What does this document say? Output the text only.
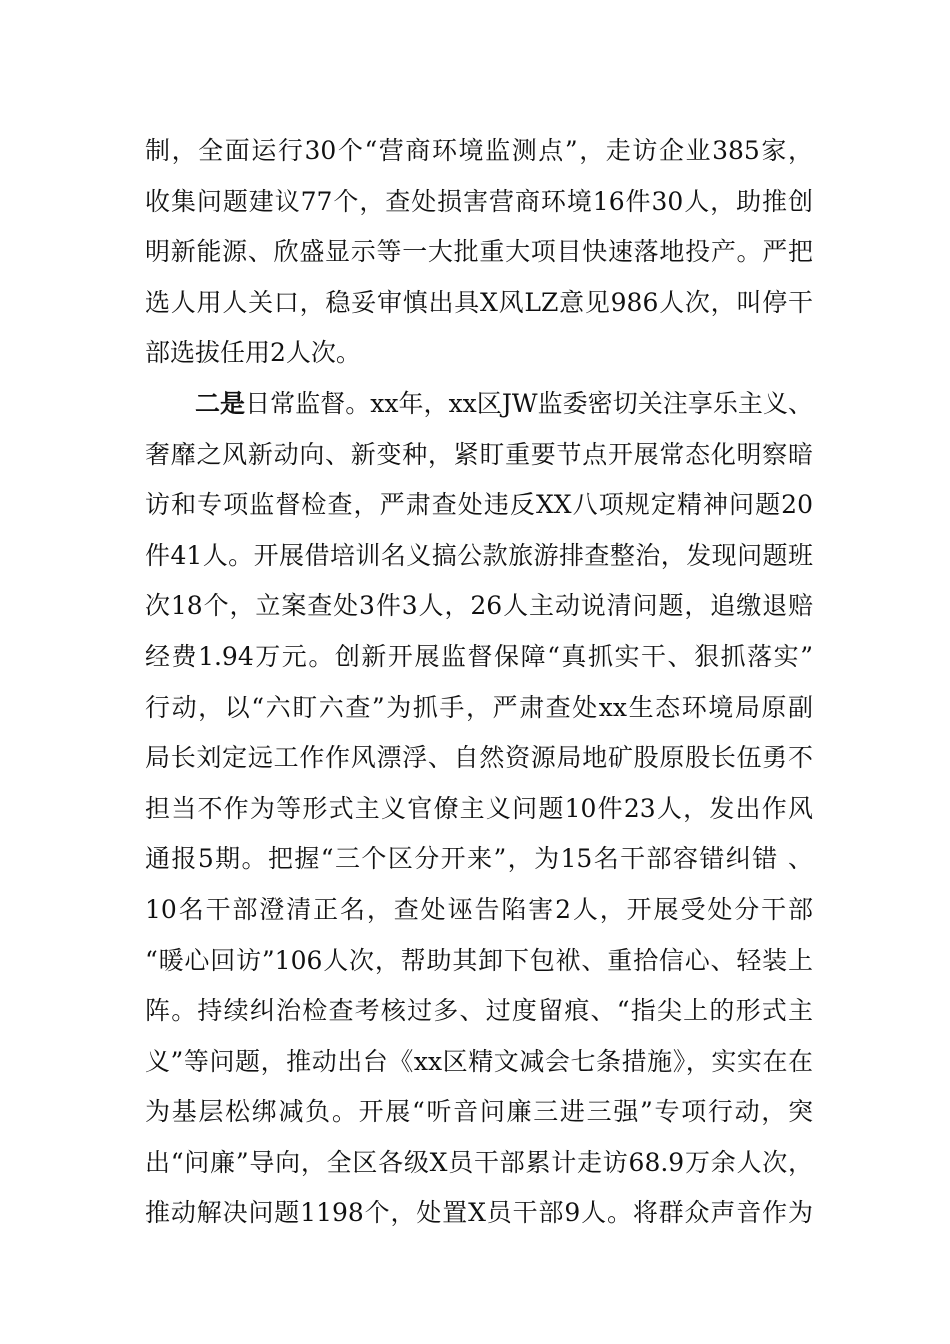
制，全面运行30个“营商环境监测点”，走访企业385家，
收集问题建议77个，查处损害营商环境16件30人，助推创
明新能源、欣盛显示等一大批重大项目快速落地投产。严把
选人用人关口，稳妥审慎出具X风LZ意见986人次，叫停干
部选拔任用2人次。
二是日常监督。xx年，xx区JW监委密切关注享乐主义、
奢靡之风新动向、新变种，紧盯重要节点开展常态化明察暗
访和专项监督检查，严肃查处违反XX八项规定精神问题20
件41人。开展借培训名义搞公款旅游排查整治，发现问题班
次18个，立案查处3件3人，26人主动说清问题，追缴退赔
经费1.94万元。创新开展监督保障“真抓实干、狠抓落实”
行动，以“六盯六查”为抓手，严肃查处xx生态环境局原副
局长刘定远工作作风漂浮、自然资源局地矿股原股长伍勇不
担当不作为等形式主义官僚主义问题10件23人，发出作风
通报5期。把握“三个区分开来”，为15名干部容错纠错 、
10名干部澄清正名，查处诬告陷害2人，开展受处分干部
“暖心回访”106人次，帮助其卸下包袱、重拾信心、轻装上
阵。持续纠治检查考核过多、过度留痕、“指尖上的形式主
义”等问题，推动出台《xx区精文减会七条措施》，实实在在
为基层松绑减负。开展“听音问廉三进三强”专项行动，突
出“问廉”导向，全区各级X员干部累计走访68.9万余人次，
推动解决问题1198个，处置X员干部9人。将群众声音作为
